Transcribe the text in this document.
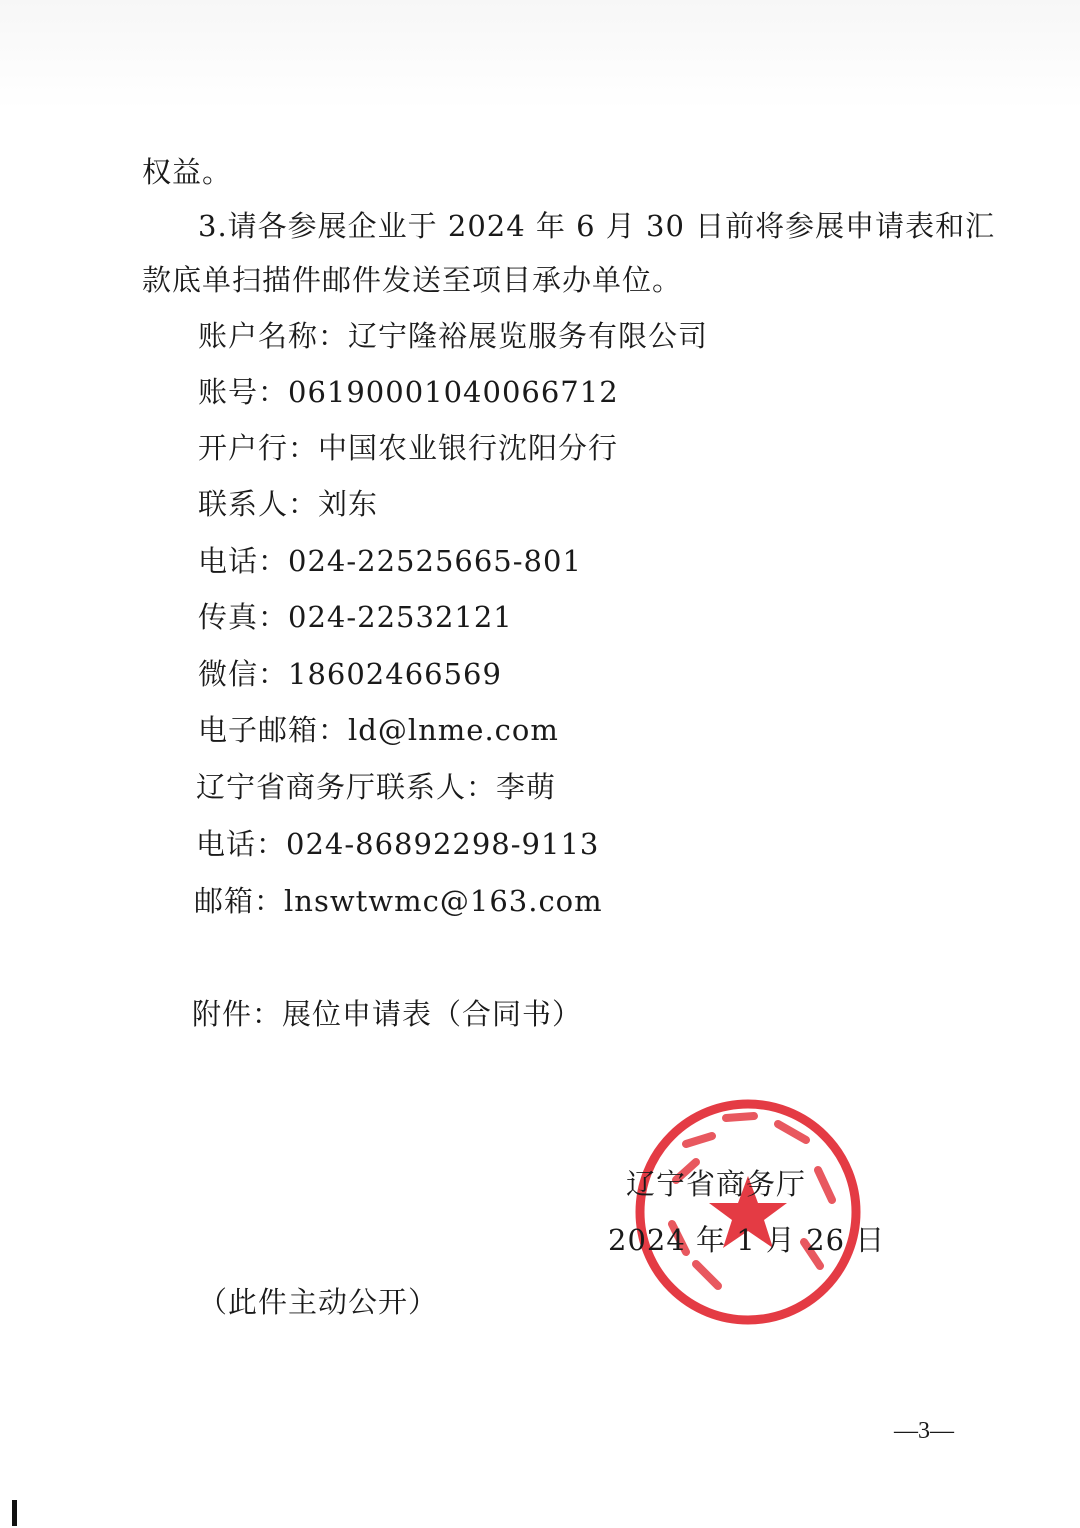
权益。
3.请各参展企业于 2024 年 6 月 30 日前将参展申请表和汇
款底单扫描件邮件发送至项目承办单位。
账户名称：辽宁隆裕展览服务有限公司
账号：06190001040066712
开户行：中国农业银行沈阳分行
联系人：刘东
电话：024-22525665-801
传真：024-22532121
微信：18602466569
电子邮箱：ld@lnme.com
辽宁省商务厅联系人：李萌
电话：024-86892298-9113
邮箱：lnswtwmc@163.com
附件：展位申请表（合同书）
辽宁省商务厅
2024 年 1 月 26 日
（此件主动公开）
—3—
